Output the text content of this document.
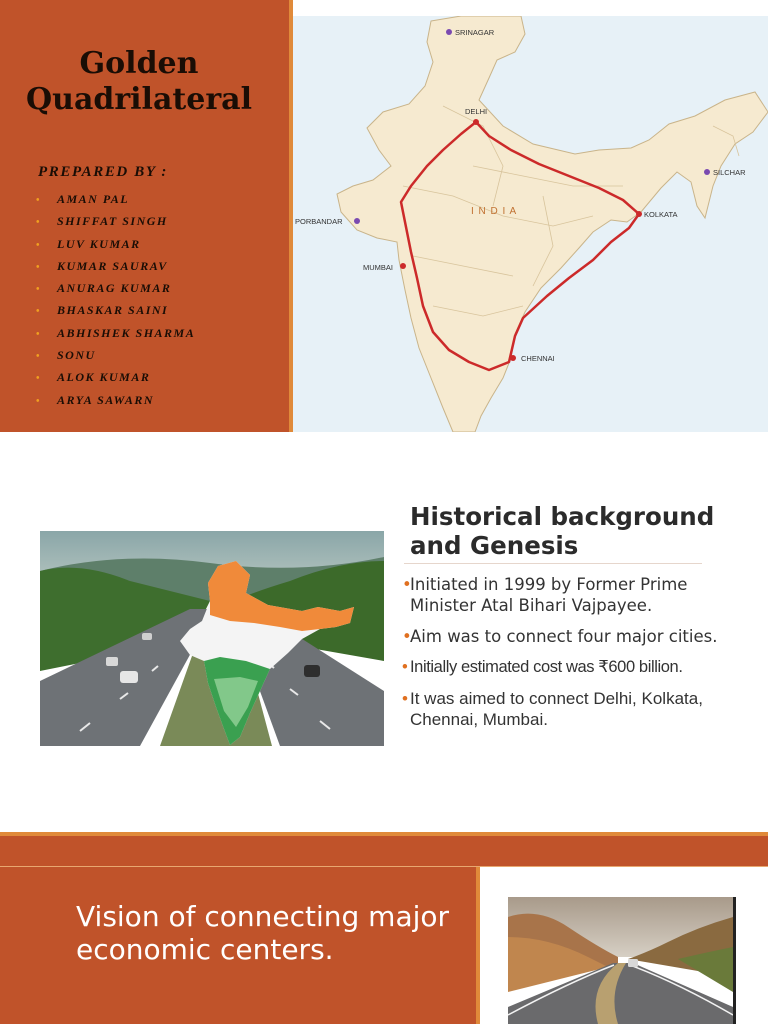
Golden
Quadrilateral
PREPARED BY :
• AMAN PAL
• SHIFFAT SINGH
• LUV KUMAR
• KUMAR SAURAV
• ANURAG KUMAR
• BHASKAR SAINI
• ABHISHEK SHARMA
• SONU
• ALOK KUMAR
• ARYA SAWARN
SRINAGAR
DELHI
KOLKATA
MUMBAI
CHENNAI
PORBANDAR
SILCHAR
I N D I A
Historical background and Genesis
•
Initiated in 1999 by Former Prime Minister Atal Bihari Vajpayee.
•
Aim was to connect four major cities.
• Initially estimated cost was ₹600 billion.
• It was aimed to connect Delhi, Kolkata, Chennai, Mumbai.
Vision of connecting major economic centers.
